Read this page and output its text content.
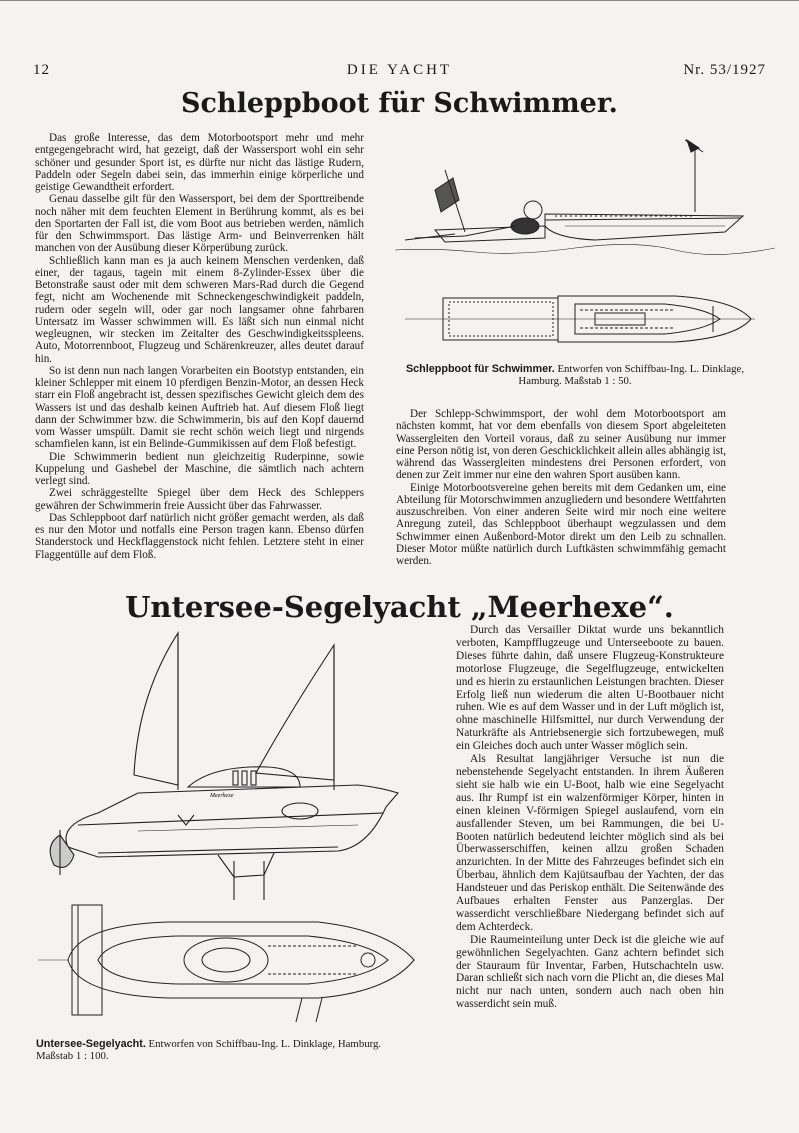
12	DIE YACHT	Nr. 53/1927
Schleppboot für Schwimmer.

Das große Interesse, das dem Motorbootsport mehr und mehr entgegengebracht wird, hat gezeigt, daß der Wassersport wohl ein sehr schöner und gesunder Sport ist, es dürfte nur nicht das lästige Rudern, Paddeln oder Segeln dabei sein, das immerhin einige körperliche und geistige Gewandtheit erfordert.

Genau dasselbe gilt für den Wassersport, bei dem der Sporttreibende noch näher mit dem feuchten Element in Berührung kommt, als es bei den Sportarten der Fall ist, die vom Boot aus betrieben werden, nämlich für den Schwimmsport. Das lästige Arm- und Beinverrenken hält manchen von der Ausübung dieser Körperübung zurück.

Schließlich kann man es ja auch keinem Menschen verdenken, daß einer, der tagaus, tagein mit einem 8-Zylinder-Essex über die Betonstraße saust oder mit dem schweren Mars-Rad durch die Gegend fegt, nicht am Wochenende mit Schneckengeschwindigkeit paddeln, rudern oder segeln will, oder gar noch langsamer ohne fahrbaren Untersatz im Wasser schwimmen will. Es läßt sich nun einmal nicht wegleugnen, wir stecken im Zeitalter des Geschwindigkeitsspleens. Auto, Motorrennboot, Flugzeug und Schärenkreuzer, alles deutet darauf hin.

So ist denn nun nach langen Vorarbeiten ein Bootstyp entstanden, ein kleiner Schlepper mit einem 10 pferdigen Benzin-Motor, an dessen Heck starr ein Floß angebracht ist, dessen spezifisches Gewicht gleich dem des Wassers ist und das deshalb keinen Auftrieb hat. Auf diesem Floß liegt dann der Schwimmer bzw. die Schwimmerin, bis auf den Kopf dauernd vom Wasser umspült. Damit sie recht schön weich liegt und nirgends schamfielen kann, ist ein Belinde-Gummikissen auf dem Floß befestigt.

Die Schwimmerin bedient nun gleichzeitig Ruderpinne, sowie Kuppelung und Gashebel der Maschine, die sämtlich nach achtern verlegt sind.

Zwei schräggestellte Spiegel über dem Heck des Schleppers gewähren der Schwimmerin freie Aussicht über das Fahrwasser.

Das Schleppboot darf natürlich nicht größer gemacht werden, als daß es nur den Motor und notfalls eine Person tragen kann. Ebenso dürfen Standerstock und Heckflaggenstock nicht fehlen. Letztere steht in einer Flaggentülle auf dem Floß.

Schleppboot für Schwimmer. Entworfen von Schiffbau-Ing. L. Dinklage, Hamburg. Maßstab 1 : 50.

Der Schlepp-Schwimmsport, der wohl dem Motorbootsport am nächsten kommt, hat vor dem ebenfalls von diesem Sport abgeleiteten Wassergleiten den Vorteil voraus, daß zu seiner Ausübung nur immer eine Person nötig ist, von deren Geschicklichkeit allein alles abhängig ist, während das Wassergleiten mindestens drei Personen erfordert, von denen zur Zeit immer nur eine den wahren Sport ausüben kann.

Einige Motorbootsvereine gehen bereits mit dem Gedanken um, eine Abteilung für Motorschwimmen anzugliedern und besondere Wettfahrten auszuschreiben. Von einer anderen Seite wird mir noch eine weitere Anregung zuteil, das Schleppboot überhaupt wegzulassen und dem Schwimmer einen Außenbord-Motor direkt um den Leib zu schnallen. Dieser Motor müßte natürlich durch Luftkästen schwimmfähig gemacht werden.

Untersee-Segelyacht „Meerhexe“.
Meerhexe
Untersee-Segelyacht. Entworfen von Schiffbau-Ing. L. Dinklage, Hamburg. Maßstab 1 : 100.

Durch das Versailler Diktat wurde uns bekanntlich verboten, Kampfflugzeuge und Unterseeboote zu bauen. Dieses führte dahin, daß unsere Flugzeug-Konstrukteure motorlose Flugzeuge, die Segelflugzeuge, entwickelten und es hierin zu erstaunlichen Leistungen brachten. Dieser Erfolg ließ nun wiederum die alten U-Bootbauer nicht ruhen. Wie es auf dem Wasser und in der Luft möglich ist, ohne maschinelle Hilfsmittel, nur durch Verwendung der Naturkräfte als Antriebsenergie sich fortzubewegen, muß ein Gleiches doch auch unter Wasser möglich sein.

Als Resultat langjähriger Versuche ist nun die nebenstehende Segelyacht entstanden. In ihrem Äußeren sieht sie halb wie ein U-Boot, halb wie eine Segelyacht aus. Ihr Rumpf ist ein walzenförmiger Körper, hinten in einen kleinen V-förmigen Spiegel auslaufend, vorn ein ausfallender Steven, um bei Rammungen, die bei U-Booten natürlich bedeutend leichter möglich sind als bei Überwasserschiffen, keinen allzu großen Schaden anzurichten. In der Mitte des Fahrzeuges befindet sich ein Überbau, ähnlich dem Kajütsaufbau der Yachten, der das Handsteuer und das Periskop enthält. Die Seitenwände des Aufbaues erhalten Fenster aus Panzerglas. Der wasserdicht verschließbare Niedergang befindet sich auf dem Achterdeck.

Die Raumeinteilung unter Deck ist die gleiche wie auf gewöhnlichen Segelyachten. Ganz achtern befindet sich der Stauraum für Inventar, Farben, Hutschachteln usw. Daran schließt sich nach vorn die Plicht an, die dieses Mal nicht nur nach unten, sondern auch nach oben hin wasserdicht sein muß.
